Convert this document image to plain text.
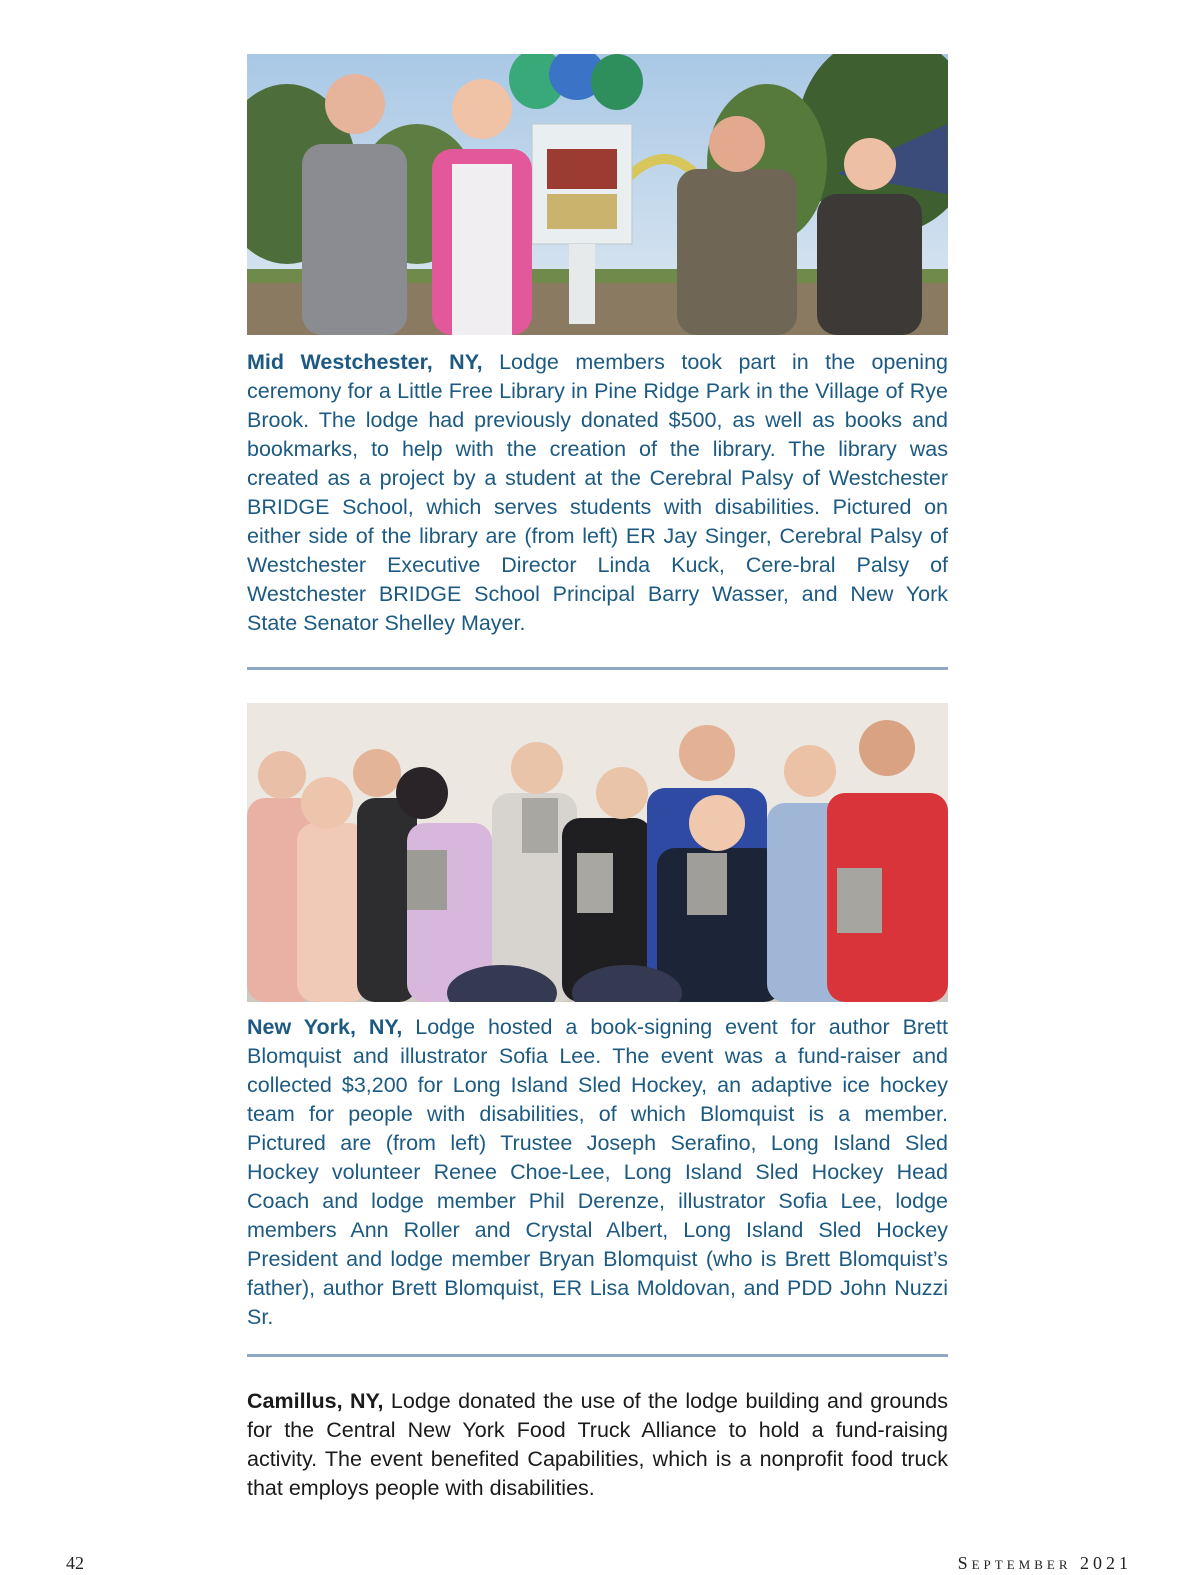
Mid Westchester, NY, Lodge members took part in the opening ceremony for a Little Free Library in Pine Ridge Park in the Village of Rye Brook. The lodge had previously donated $500, as well as books and bookmarks, to help with the creation of the library. The library was created as a project by a student at the Cerebral Palsy of Westchester BRIDGE School, which serves students with disabilities. Pictured on either side of the library are (from left) ER Jay Singer, Cerebral Palsy of Westchester Executive Director Linda Kuck, Cere-bral Palsy of Westchester BRIDGE School Principal Barry Wasser, and New York State Senator Shelley Mayer.

New York, NY, Lodge hosted a book-signing event for author Brett Blomquist and illustrator Sofia Lee. The event was a fund-raiser and collected $3,200 for Long Island Sled Hockey, an adaptive ice hockey team for people with disabilities, of which Blomquist is a member. Pictured are (from left) Trustee Joseph Serafino, Long Island Sled Hockey volunteer Renee Choe-Lee, Long Island Sled Hockey Head Coach and lodge member Phil Derenze, illustrator Sofia Lee, lodge members Ann Roller and Crystal Albert, Long Island Sled Hockey President and lodge member Bryan Blomquist (who is Brett Blomquist’s father), author Brett Blomquist, ER Lisa Moldovan, and PDD John Nuzzi Sr.

Camillus, NY, Lodge donated the use of the lodge building and grounds for the Central New York Food Truck Alliance to hold a fund-raising activity. The event benefited Capabilities, which is a nonprofit food truck that employs people with disabilities.

42	September 2021
